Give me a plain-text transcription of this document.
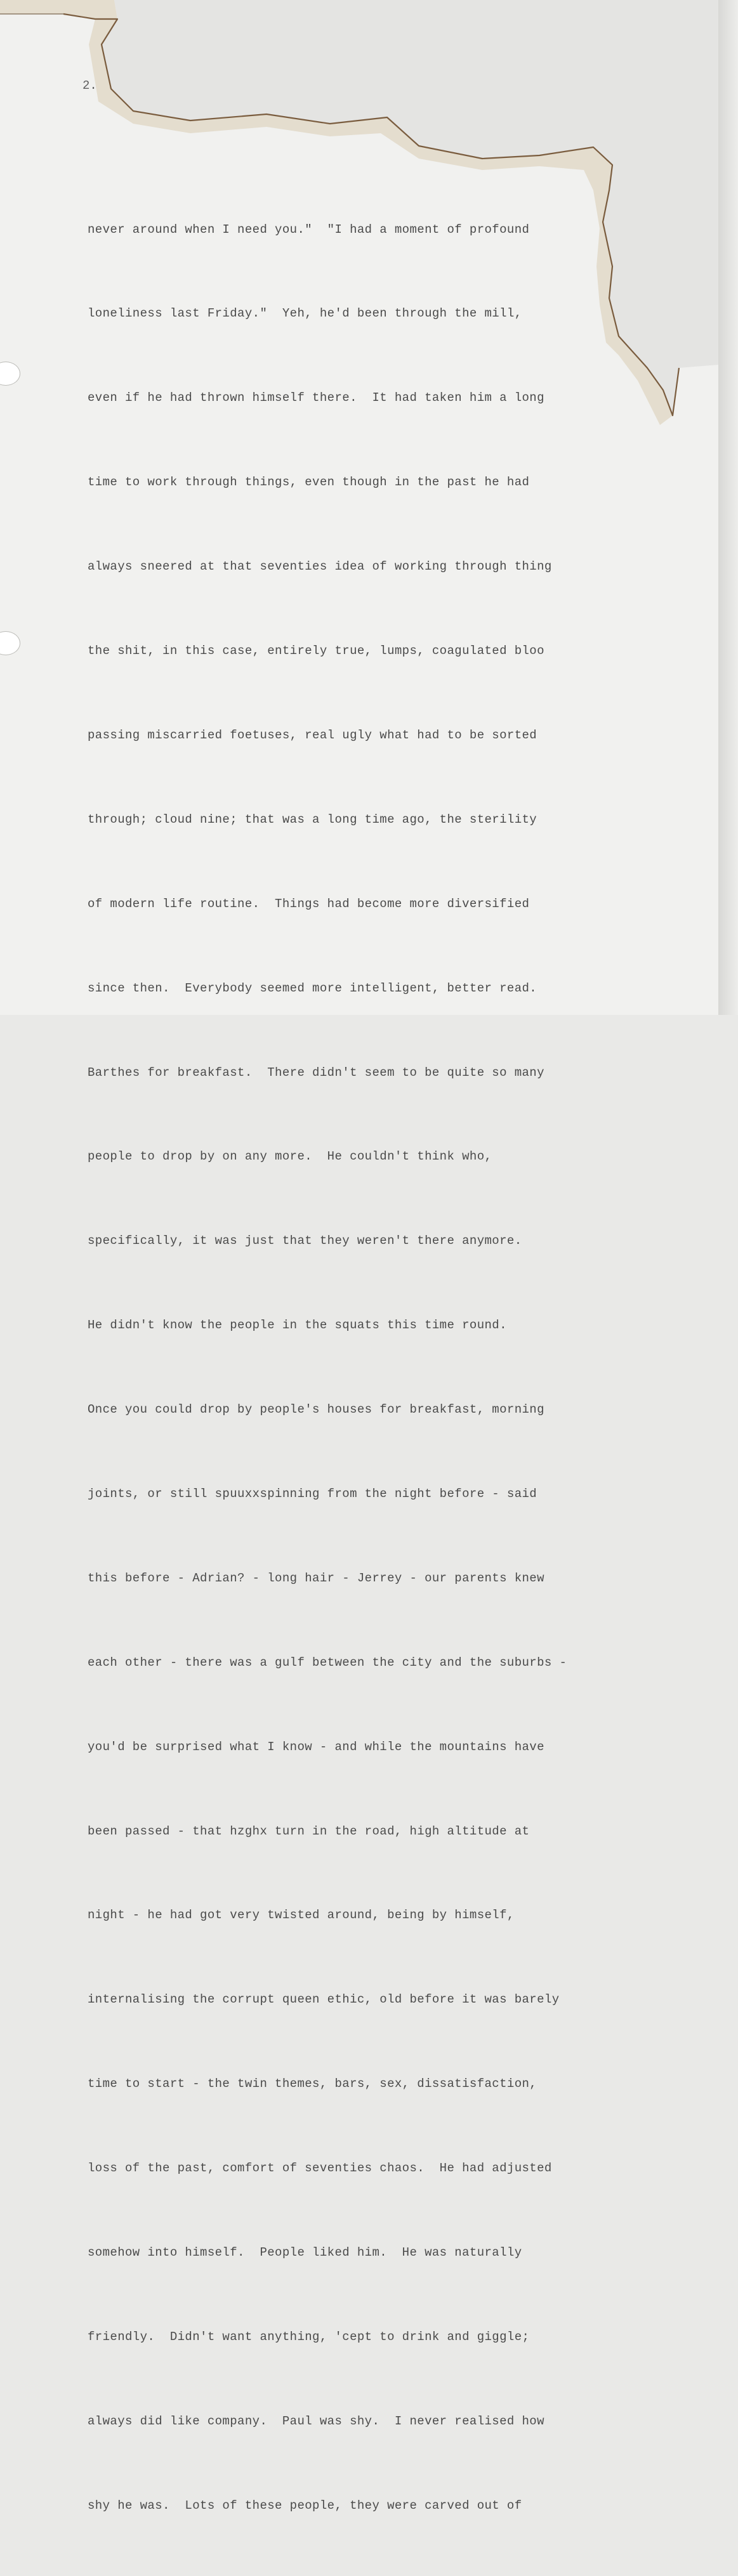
2.

never around when I need you."  "I had a moment of profound

loneliness last Friday."  Yeh, he'd been through the mill,

even if he had thrown himself there.  It had taken him a long

time to work through things, even though in the past he had

always sneered at that seventies idea of working through thing

the shit, in this case, entirely true, lumps, coagulated bloo

passing miscarried foetuses, real ugly what had to be sorted

through; cloud nine; that was a long time ago, the sterility

of modern life routine.  Things had become more diversified

since then.  Everybody seemed more intelligent, better read.

Barthes for breakfast.  There didn't seem to be quite so many

people to drop by on any more.  He couldn't think who,

specifically, it was just that they weren't there anymore.

He didn't know the people in the squats this time round.

Once you could drop by people's houses for breakfast, morning

joints, or still spuuxxspinning from the night before - said

this before - Adrian? - long hair - Jerrey - our parents knew

each other - there was a gulf between the city and the suburbs -

you'd be surprised what I know - and while the mountains have

been passed - that hzghx turn in the road, high altitude at

night - he had got very twisted around, being by himself,

internalising the corrupt queen ethic, old before it was barely

time to start - the twin themes, bars, sex, dissatisfaction,

loss of the past, comfort of seventies chaos.  He had adjusted

somehow into himself.  People liked him.  He was naturally

friendly.  Didn't want anything, 'cept to drink and giggle;

always did like company.  Paul was shy.  I never realised how

shy he was.  Lots of these people, they were carved out of
